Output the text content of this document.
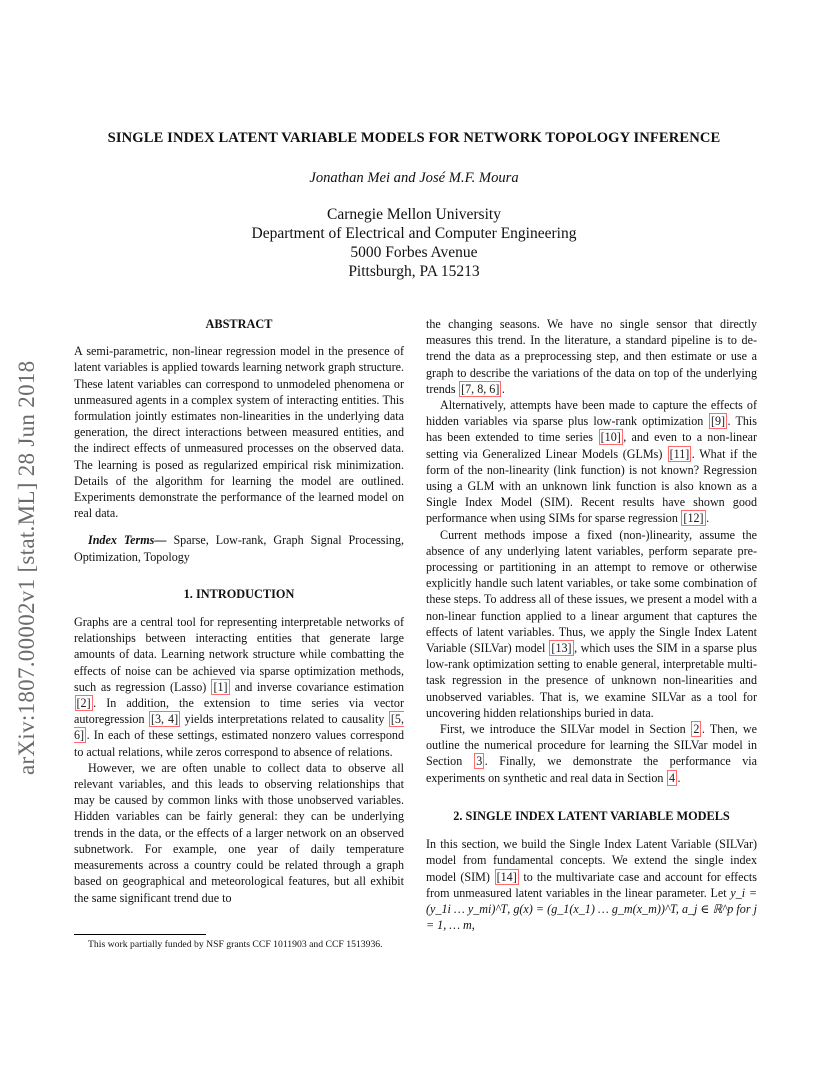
arXiv:1807.00002v1 [stat.ML] 28 Jun 2018
SINGLE INDEX LATENT VARIABLE MODELS FOR NETWORK TOPOLOGY INFERENCE
Jonathan Mei and José M.F. Moura
Carnegie Mellon University
Department of Electrical and Computer Engineering
5000 Forbes Avenue
Pittsburgh, PA 15213
ABSTRACT

A semi-parametric, non-linear regression model in the presence of latent variables is applied towards learning network graph structure. These latent variables can correspond to unmodeled phenomena or unmeasured agents in a complex system of interacting entities. This formulation jointly estimates non-linearities in the underlying data generation, the direct interactions between measured entities, and the indirect effects of unmeasured processes on the observed data. The learning is posed as regularized empirical risk minimization. Details of the algorithm for learning the model are outlined. Experiments demonstrate the performance of the learned model on real data.

Index Terms— Sparse, Low-rank, Graph Signal Processing, Optimization, Topology

1. INTRODUCTION

Graphs are a central tool for representing interpretable networks of relationships between interacting entities that generate large amounts of data. Learning network structure while combatting the effects of noise can be achieved via sparse optimization methods, such as regression (Lasso) [1] and inverse covariance estimation [2] . In addition, the extension to time series via vector autoregression [3, 4] yields interpretations related to causality [5, 6] . In each of these settings, estimated nonzero values correspond to actual relations, while zeros correspond to absence of relations.

However, we are often unable to collect data to observe all relevant variables, and this leads to observing relationships that may be caused by common links with those unobserved variables. Hidden variables can be fairly general: they can be underlying trends in the data, or the effects of a larger network on an observed subnetwork. For example, one year of daily temperature measurements across a country could be related through a graph based on geographical and meteorological features, but all exhibit the same significant trend due to

This work partially funded by NSF grants CCF 1011903 and CCF 1513936.

the changing seasons. We have no single sensor that directly measures this trend. In the literature, a standard pipeline is to de-trend the data as a preprocessing step, and then estimate or use a graph to describe the variations of the data on top of the underlying trends [7, 8, 6] .

Alternatively, attempts have been made to capture the effects of hidden variables via sparse plus low-rank optimization [9] . This has been extended to time series [10] , and even to a non-linear setting via Generalized Linear Models (GLMs) [11] . What if the form of the non-linearity (link function) is not known? Regression using a GLM with an unknown link function is also known as a Single Index Model (SIM). Recent results have shown good performance when using SIMs for sparse regression [12] .

Current methods impose a fixed (non-)linearity, assume the absence of any underlying latent variables, perform separate pre-processing or partitioning in an attempt to remove or otherwise explicitly handle such latent variables, or take some combination of these steps. To address all of these issues, we present a model with a non-linear function applied to a linear argument that captures the effects of latent variables. Thus, we apply the Single Index Latent Variable (SILVar) model [13] , which uses the SIM in a sparse plus low-rank optimization setting to enable general, interpretable multi-task regression in the presence of unknown non-linearities and unobserved variables. That is, we examine SILVar as a tool for uncovering hidden relationships buried in data.

First, we introduce the SILVar model in Section 2 . Then, we outline the numerical procedure for learning the SILVar model in Section 3 . Finally, we demonstrate the performance via experiments on synthetic and real data in Section 4 .

2. SINGLE INDEX LATENT VARIABLE MODELS

In this section, we build the Single Index Latent Variable (SILVar) model from fundamental concepts. We extend the single index model (SIM) [14] to the multivariate case and account for effects from unmeasured latent variables in the linear parameter. Let y_i = (y_1i … y_mi)^T, g(x) = (g_1(x_1) … g_m(x_m))^T, a_j ∈ ℝ^p for j = 1, … m,
